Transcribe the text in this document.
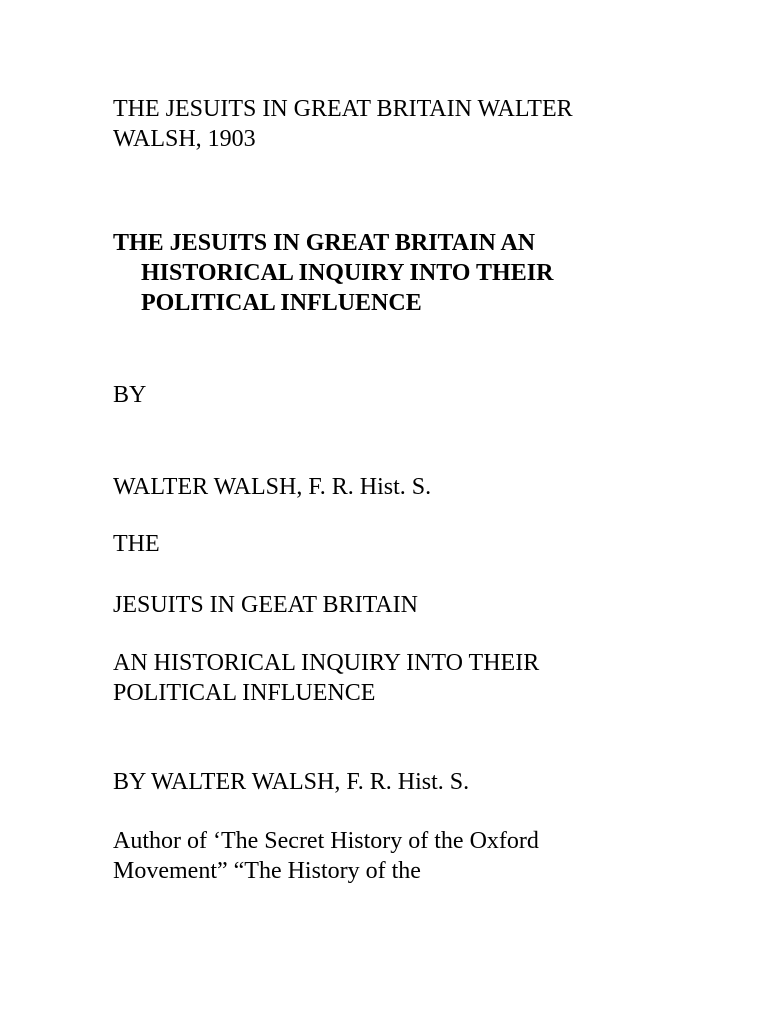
THE JESUITS IN GREAT BRITAIN WALTER
WALSH, 1903

THE JESUITS IN GREAT BRITAIN AN
HISTORICAL INQUIRY INTO THEIR
POLITICAL INFLUENCE

BY

WALTER WALSH, F. R. Hist. S.

THE

JESUITS IN GEEAT BRITAIN

AN HISTORICAL INQUIRY INTO THEIR
POLITICAL INFLUENCE

BY WALTER WALSH, F. R. Hist. S.

Author of ‘The Secret History of the Oxford
Movement” “The History of the
